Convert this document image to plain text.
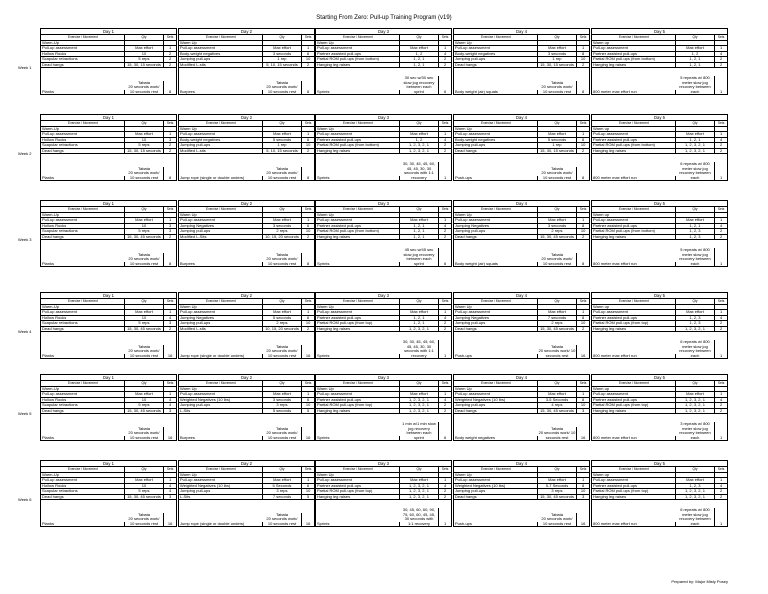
Starting From Zero: Pull-up Training Program (v19)
Week 1
Day 1
Exercise / Movement	Qty	Sets
Warm-Up
Pull-up assessment	Max effort	1
Hollow Rocks	10	2
Scapular retractions	5 reps	2
Dead hangs	15, 30, 15 seconds	2
Planks
Tabata
20 seconds work/
10 seconds rest	8
Day 2
Exercise / Movement	Qty	Sets
Warm Up
Pull-up assessment	Max effort	1
Body-weight negatives	3 seconds	6
Jumping pull-ups	1 rep	10
Modified L-sits	5, 10, 15 seconds	2
Burpees
Tabata
20 seconds work/
10 seconds rest	8
Day 3
Exercise / Movement	Qty	Sets
Warm Up
Pull-up assessment	Max effort	1
Partner assisted pull-ups	1, 2	4
Partial ROM pull-ups (from bottom)	1, 2, 1	2
Hanging leg raises	1, 2, 1	2
Sprints
30 sec w/30 sec
slow jog recovery
between each
sprint	6
Day 4
Exercise / Movement	Qty	Sets
Warm Up
Pull-up assessment	Max effort	1
Body-weight negatives	3 seconds	8
Jumping pull-ups	1 rep	10
Dead hangs	15, 30, 15 seconds	2
Body weight (air) squats
Tabata
20 seconds work/
10 seconds rest	8
Day 5
Exercise / Movement	Qty	Sets
Warm up
Pull-up assessment	Max effort	1
Partner assisted pull-ups	1, 2	4
Partial ROM pull-ups (from bottom)	1, 2, 1	2
Hanging leg raises	1, 2, 1	2
800 meter max effort run
5 repeats w/ 800
meter slow jog
recovery between
each	1
Week 2
Day 1
Exercise / Movement	Qty	Sets
Warm-Up
Pull-up assessment	Max effort	1
Hollow Rocks	10	3
Scapular retractions	5 reps	2
Dead hangs	15, 30, 15 seconds	2
Planks
Tabata
20 seconds work/
10 seconds rest	8
Day 2
Exercise / Movement	Qty	Sets
Warm Up
Pull-up assessment	Max effort	1
Body-weight negatives	5 seconds	6
Jumping pull-ups	1 rep	10
Modified L-sits	5, 10, 15 seconds	2
Jump rope (single or double unders)
Tabata
20 seconds work/
10 seconds rest	8
Day 3
Exercise / Movement	Qty	Sets
Warm Up
Pull-up assessment	Max effort	1
Partner assisted pull-ups	1, 2	4
Partial ROM pull-ups (from bottom)	1, 2, 3, 2, 1	2
Hanging leg raises	1, 2, 3, 2, 1	2
Sprints
30, 30, 45, 45, 60,
45, 45, 30, 30
seconds with 1:1
recovery	1
Day 4
Exercise / Movement	Qty	Sets
Warm Up
Pull-up assessment	Max effort	1
Body-weight negatives	5 seconds	8
Jumping pull-ups	1 rep	10
Dead hangs	15, 30, 15 seconds	2
Push-ups
Tabata
20 seconds work/
10 seconds rest	8
Day 5
Exercise / Movement	Qty	Sets
Warm up
Pull-up assessment	Max effort	1
Partner assisted pull-ups	1, 2, 1	4
Partial ROM pull-ups (from bottom)	1, 2, 3, 2, 1	2
Hanging leg raises	1, 2, 3, 2, 1	2
800 meter max effort run
6 repeats w/ 800
meter slow jog
recovery between
each	1
Week 3
Day 1
Exercise / Movement	Qty	Sets
Warm-Up
Pull-up assessment	Max effort	1
Hollow Rocks	10	3
Scapular retractions	5 reps	3
Dead hangs	15, 30, 45 seconds	2
Planks
Tabata
20 seconds work/
10 seconds rest	8
Day 2
Exercise / Movement	Qty	Sets
Warm Up
Pull-up assessment	Max effort	1
Jumping Negatives	3 seconds	6
Jumping pull-ups	2 reps	10
Modified L-Sits	10, 15, 20 seconds	2
Burpees
Tabata
20 seconds work/
10 seconds rest	8
Day 3
Exercise / Movement	Qty	Sets
Warm Up
Pull-up assessment	Max effort	1
Partner assisted pull-ups	1, 2, 1	4
Partial ROM pull-ups (from bottom)	1, 2, 1	2
Hanging leg raises	1, 2, 1	2
Sprints
45 sec w/45 sec
slow jog recovery
between each
sprint	6
Day 4
Exercise / Movement	Qty	Sets
Warm Up
Pull-up assessment	Max effort	1
Jumping Negatives	3 seconds	8
Jumping pull-ups	2 reps	10
Dead hangs	15, 30, 45 seconds	2
Body weight (air) squats
Tabata
20 seconds work/
10 seconds rest	8
Day 5
Exercise / Movement	Qty	Sets
Warm up
Pull-up assessment	Max effort	1
Partner assisted pull-ups	1, 2, 1	4
Partial ROM pull-ups (from bottom)	1, 2, 3	2
Hanging leg raises	1, 2, 3	2
800 meter max effort run
5 repeats w/ 800
meter slow jog
recovery between
each	1
Week 4
Day 1
Exercise / Movement	Qty	Sets
Warm-Up
Pull-up assessment	Max effort	1
Hollow Rocks	10	4
Scapular retractions	5 reps	3
Dead hangs	15, 30, 45 seconds	2
Planks
Tabata
20 seconds work/
10 seconds rest	16
Day 2
Exercise / Movement	Qty	Sets
Warm Up
Pull-up assessment	Max effort	1
Jumping Negatives	5 seconds	6
Jumping pull-ups	2 reps	10
Modified L-sits	10, 15, 20 seconds	2
Jump rope (single or double unders)
Tabata
20 seconds work/
10 seconds rest	16
Day 3
Exercise / Movement	Qty	Sets
Warm Up
Pull-up assessment	Max effort	1
Partner assisted pull-ups	1, 2, 1	4
Partial ROM pull-ups (from top)	1, 2, 1	2
Hanging leg raises	1, 2, 3, 2, 1	2
Sprints
30, 30, 45, 45, 60,
45, 45, 30, 30
seconds with 1:1
recovery	1
Day 4
Exercise / Movement	Qty	Sets
Warm Up
Pull-up assessment	Max effort	1
Jumping Negatives	7 seconds	8
Jumping pull-ups	2 reps	10
Dead hangs	15, 30, 45 seconds	2
Push-ups
Tabata
20 seconds work/ 10
seconds rest	16
Day 5
Exercise / Movement	Qty	Sets
Warm up
Pull-up assessment	Max effort	1
Partner assisted pull-ups	1, 2, 3	4
Partial ROM pull-ups (from top)	1, 2, 3	2
Hanging leg raises	1, 2, 3, 2, 1	2
800 meter max effort run
6 repeats w/ 800
meter slow jog
recovery between
each	1
Week 5
Day 1
Exercise / Movement	Qty	Sets
Warm-Up
Pull-up assessment	Max effort	1
Hollow Rocks	10	4
Scapular retractions	5 reps	4
Dead hangs	15, 30, 45 seconds	3
Planks
Tabata
20 seconds work/
10 seconds rest	16
Day 2
Exercise / Movement	Qty	Sets
Warm Up
Pull-up assessment	Max effort	1
Weighted Negatives (10 lbs)	3 seconds	6
Jumping pull-ups	3 reps	10
L-Sits	5 seconds	5
Burpees
Tabata
20 seconds work/
10 seconds rest	16
Day 3
Exercise / Movement	Qty	Sets
Warm Up
Pull-up assessment	Max effort	1
Partner assisted pull-ups	1, 2, 3, 2, 1	4
Partial ROM pull-ups (from top)	1, 2, 3, 2, 1	2
Hanging leg raises	1, 2, 3, 2, 1	2
Sprints
1 min w/1 min slow
jog recovery
between each
sprint	6
Day 4
Exercise / Movement	Qty	Sets
Warm Up
Pull-up assessment	Max effort	1
Weighted Negatives (10 lbs)	3-5 Seconds	8
Jumping pull-ups	4 reps	10
Dead hangs	15, 30, 45 seconds	3
Body weight negatives
Tabata
20 seconds work/ 10
seconds rest	16
Day 5
Exercise / Movement	Qty	Sets
Warm up
Pull-up assessment	Max effort	1
Partner assisted pull-ups	1, 2, 3, 2, 1	4
Partial ROM pull-ups (from top)	1, 2, 3, 2, 1	2
Hanging leg raises	1, 2, 3, 2, 1	2
800 meter max effort run
3 repeats w/ 800
meter slow jog
recovery between
each	1
Week 6
Day 1
Exercise / Movement	Qty	Sets
Warm-Up
Pull-up assessment	Max effort	1
Hollow Rocks	10	4
Scapular retractions	5 reps	4
Dead hangs	15, 30, 45 seconds	3
Planks
Tabata
20 seconds work/
10 seconds rest	16
Day 2
Exercise / Movement	Qty	Sets
Warm Up
Pull-up assessment	Max effort	1
Weighted Negatives (10 lbs)	5 Seconds	6
Jumping pull-ups	3 reps	10
L-Sits	7 seconds	5
Jump rope (single or double unders)
Tabata
20 seconds work/
10 seconds rest	16
Day 3
Exercise / Movement	Qty	Sets
Warm Up
Pull-up assessment	Max effort	1
Partner assisted pull-ups	1, 2, 3, 2, 1	4
Partial ROM pull-ups (from top)	1, 2, 3, 2, 1	2
Hanging leg raises	1, 2, 3, 2, 1	2
Sprints
30, 45, 60, 60, 90,
75, 60, 60, 45, 45,
30 seconds with
1:1 recovery	1
Day 4
Exercise / Movement	Qty	Sets
Warm Up
Pull-up assessment	Max effort	1
Weighted Negatives (10 lbs)	5-7 Seconds	8
Jumping pull-ups	3 reps	10
Dead hangs	15, 30, 45 seconds	3
Push-ups
Tabata
20 seconds work/
10 seconds rest	16
Day 5
Exercise / Movement	Qty	Sets
Warm up
Pull-up assessment	Max effort	1
Partner assisted pull-ups	1, 2, 3	4
Partial ROM pull-ups (from top)	1, 2, 3, 2, 1	2
Hanging leg raises	1, 2, 3, 2, 1	2
800 meter max effort run
6 repeats w/ 800
meter slow jog
recovery between
each	1
Prepared by: Major Misty Posey
